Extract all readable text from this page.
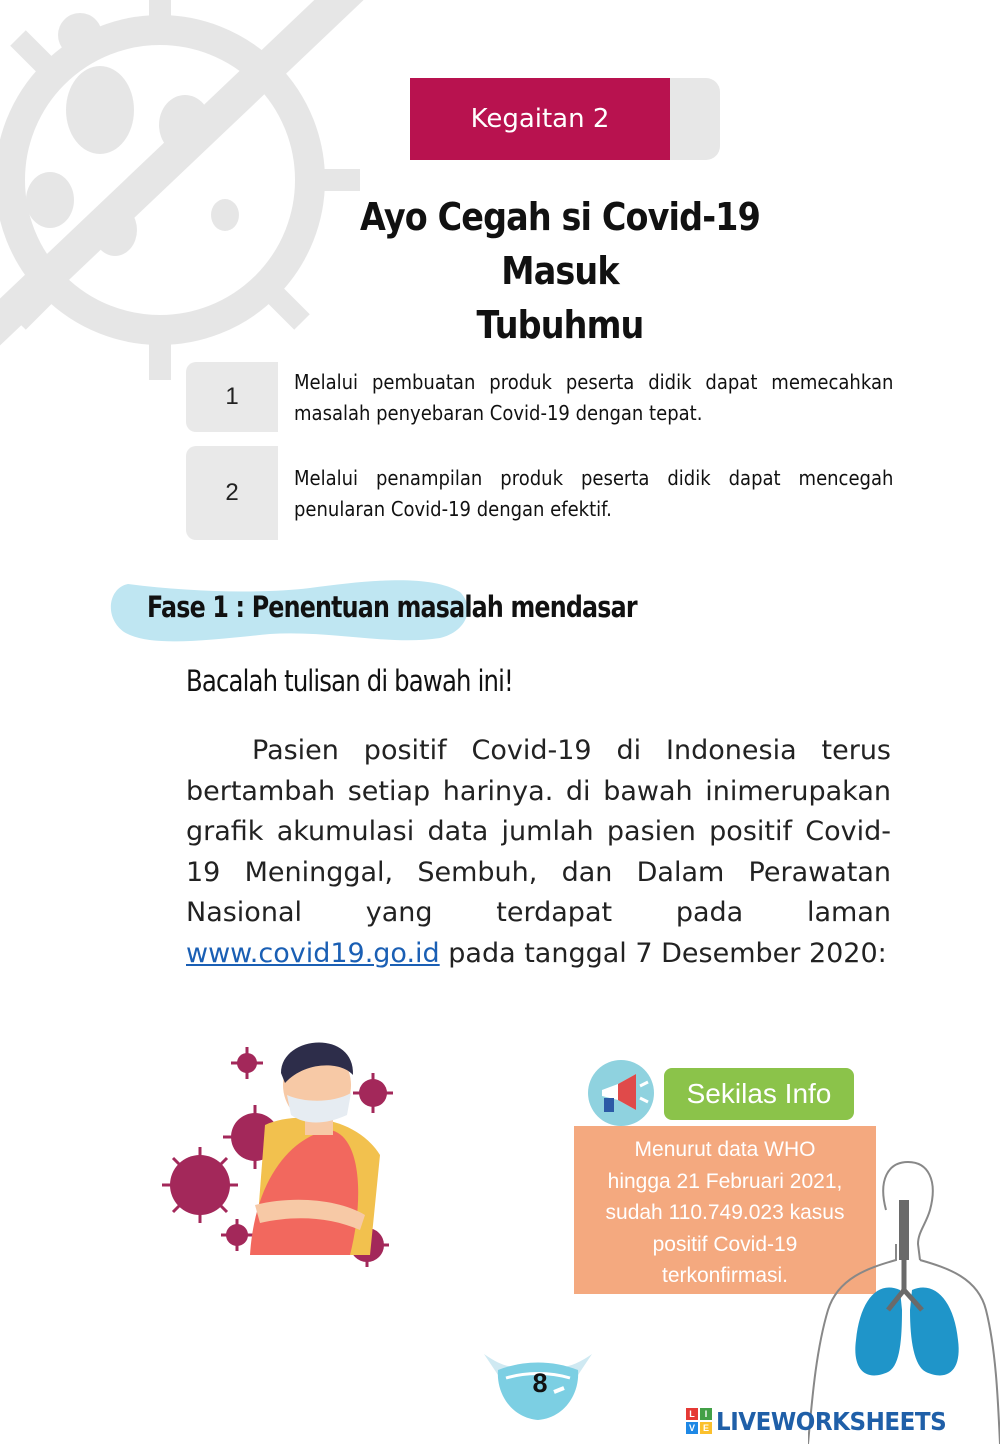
Kegaitan 2
Ayo Cegah si Covid-19 Masuk
Tubuhmu
1
Melalui pembuatan produk peserta didik dapat memecahkan masalah penyebaran Covid-19 dengan tepat.
2
Melalui penampilan produk peserta didik dapat mencegah penularan Covid-19 dengan efektif.
Fase 1 : Penentuan masalah mendasar
Bacalah tulisan di bawah ini!
Pasien positif Covid-19 di Indonesia terus bertambah setiap harinya. di bawah inimerupakan grafik akumulasi data jumlah pasien positif Covid-19 Meninggal, Sembuh, dan Dalam Perawatan Nasional yang terdapat pada laman www.covid19.go.id pada tanggal 7 Desember 2020:
Sekilas Info
Menurut data WHO
hingga 21 Februari 2021,
sudah 110.749.023 kasus
positif Covid-19
terkonfirmasi.
8
L	I
V E LIVEWORKSHEETS
